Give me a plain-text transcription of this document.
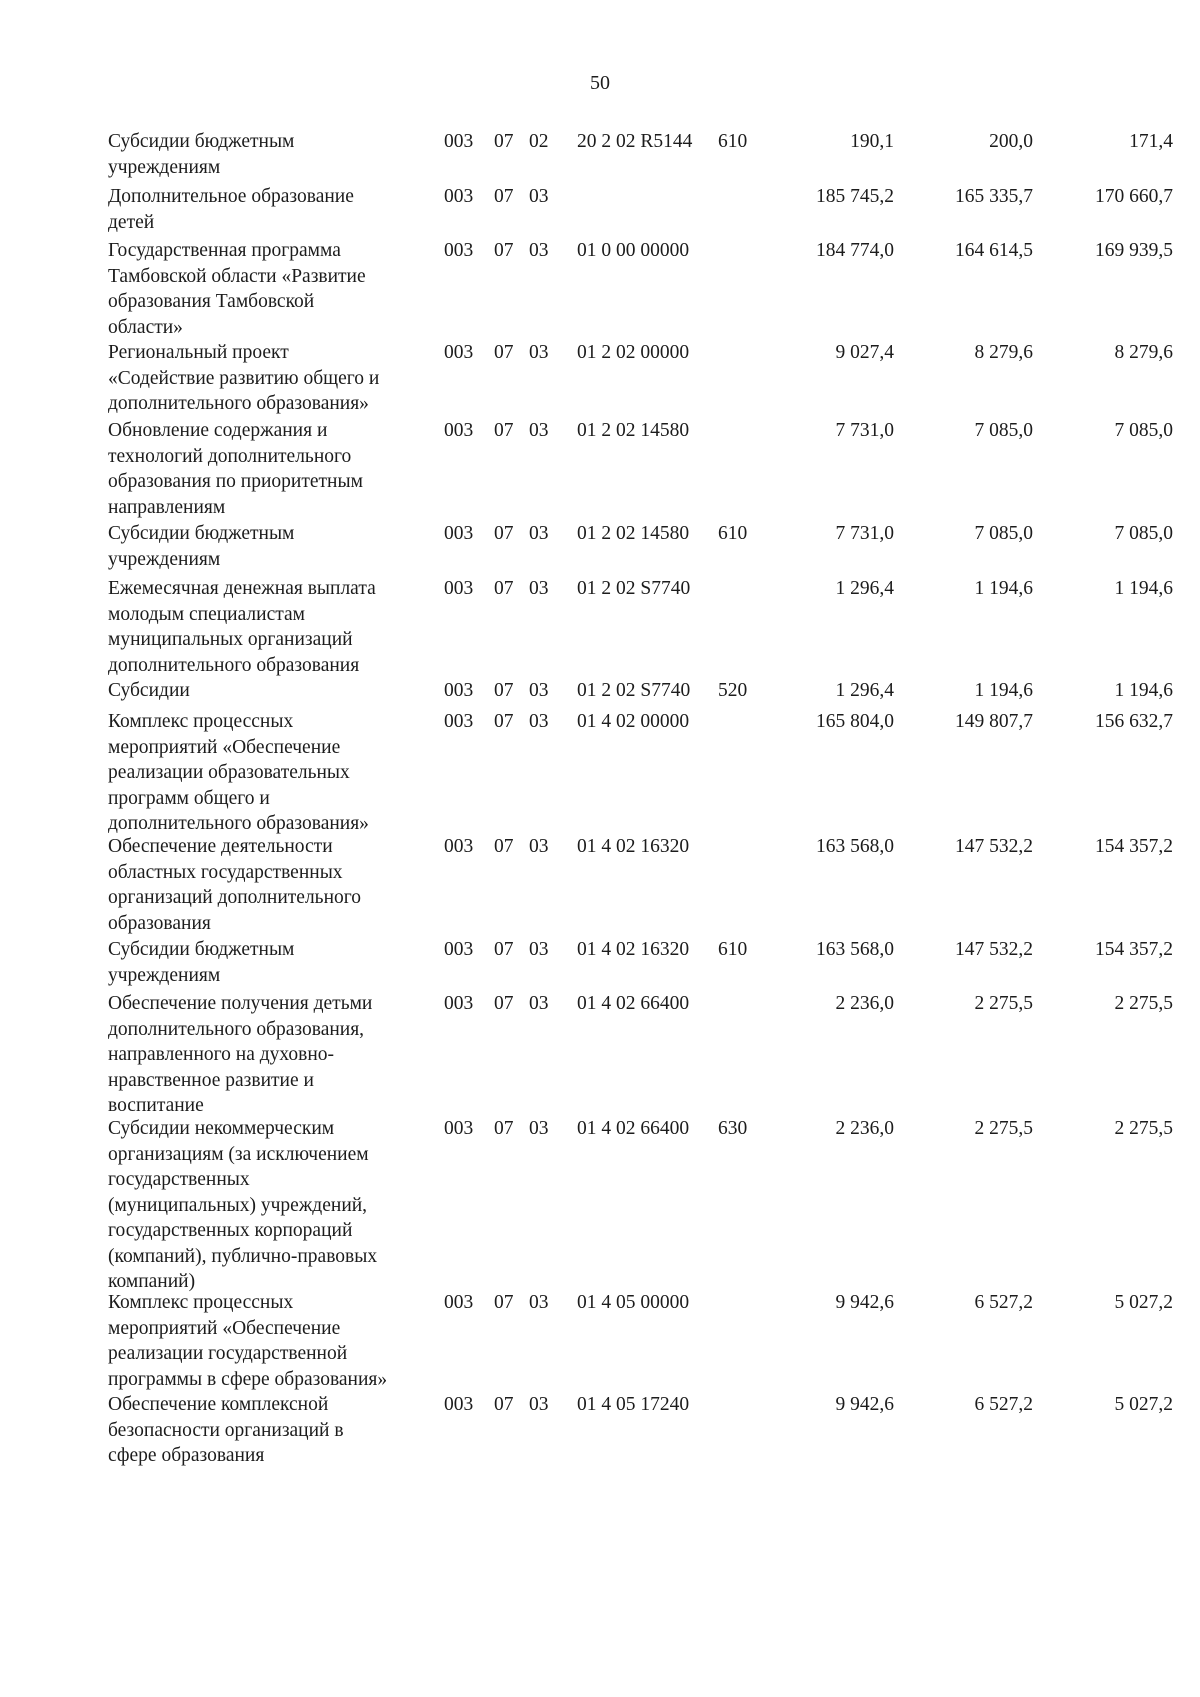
50
Субсидии бюджетным
учреждениям
003 07 02 20 2 02 R5144 610	190,1	200,0	171,4
Дополнительное образование
детей
003 07 03	185 745,2	165 335,7	170 660,7
Государственная программа
Тамбовской области «Развитие
образования Тамбовской
области»
003 07 03 01 0 00 00000	184 774,0	164 614,5	169 939,5
Региональный проект
«Содействие развитию общего и
дополнительного образования»
003 07 03 01 2 02 00000	9 027,4	8 279,6	8 279,6
Обновление содержания и
технологий дополнительного
образования по приоритетным
направлениям
003 07 03 01 2 02 14580	7 731,0	7 085,0	7 085,0
Субсидии бюджетным
учреждениям
003 07 03 01 2 02 14580 610	7 731,0	7 085,0	7 085,0
Ежемесячная денежная выплата
молодым специалистам
муниципальных организаций
дополнительного образования
003 07 03 01 2 02 S7740	1 296,4	1 194,6	1 194,6
Субсидии	003 07 03 01 2 02 S7740 520	1 296,4	1 194,6	1 194,6
Комплекс процессных
мероприятий «Обеспечение
реализации образовательных
программ общего и
дополнительного образования»
003 07 03 01 4 02 00000	165 804,0	149 807,7	156 632,7
Обеспечение деятельности
областных государственных
организаций дополнительного
образования
003 07 03 01 4 02 16320	163 568,0	147 532,2	154 357,2
Субсидии бюджетным
учреждениям
003 07 03 01 4 02 16320 610	163 568,0	147 532,2	154 357,2
Обеспечение получения детьми
дополнительного образования,
направленного на духовно-
нравственное развитие и
воспитание
003 07 03 01 4 02 66400	2 236,0	2 275,5	2 275,5
Субсидии некоммерческим
организациям (за исключением
государственных
(муниципальных) учреждений,
государственных корпораций
(компаний), публично-правовых
компаний)
003 07 03 01 4 02 66400 630	2 236,0	2 275,5	2 275,5
Комплекс процессных
мероприятий «Обеспечение
реализации государственной
программы в сфере образования»
003 07 03 01 4 05 00000	9 942,6	6 527,2	5 027,2
Обеспечение комплексной
безопасности организаций в
сфере образования
003 07 03 01 4 05 17240	9 942,6	6 527,2	5 027,2
